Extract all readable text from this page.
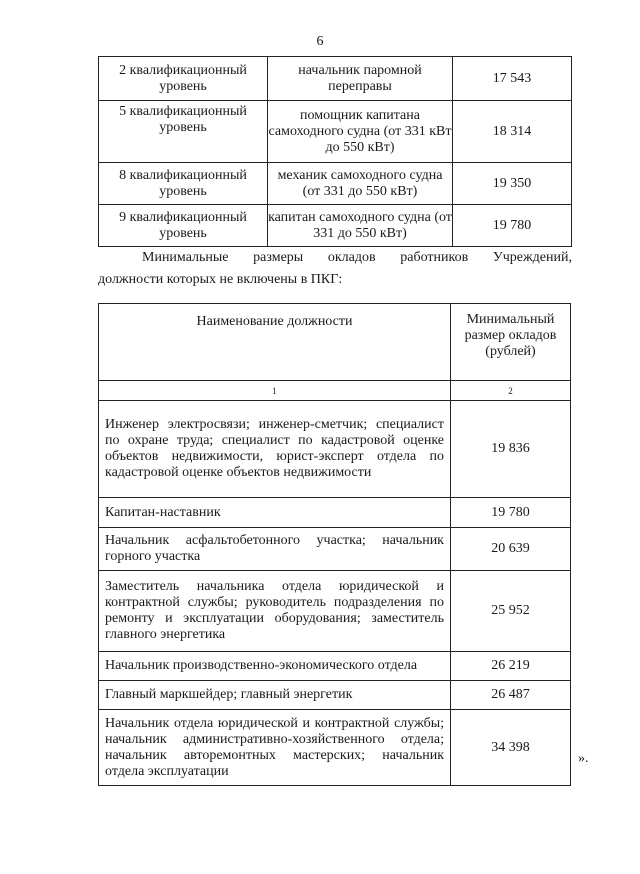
6
2 квалификационный уровень	начальник паромной переправы	17 543
5 квалификационный уровень	помощник капитана самоходного судна (от 331 кВт до 550 кВт)	18 314
8 квалификационный уровень	механик самоходного судна (от 331 до 550 кВт)	19 350
9 квалификационный уровень	капитан самоходного судна (от 331 до 550 кВт)	19 780
Минимальные размеры окладов работников Учреждений,
должности которых не включены в ПКГ:
Наименование должности	Минимальный размер окладов (рублей)
1	2
Инженер электросвязи; инженер-сметчик; специалист по охране труда; специалист по кадастровой оценке объектов недвижимости, юрист-эксперт отдела по кадастровой оценке объектов недвижимости	19 836
Капитан-наставник	19 780
Начальник асфальтобетонного участка; начальник горного участка	20 639
Заместитель начальника отдела юридической и контрактной службы; руководитель подразделения по ремонту и эксплуатации оборудования; заместитель главного энергетика	25 952
Начальник производственно-экономического отдела	26 219
Главный маркшейдер; главный энергетик	26 487
Начальник отдела юридической и контрактной службы; начальник административно-хозяйственного отдела; начальник авторемонтных мастерских; начальник отдела эксплуатации	34 398
».
